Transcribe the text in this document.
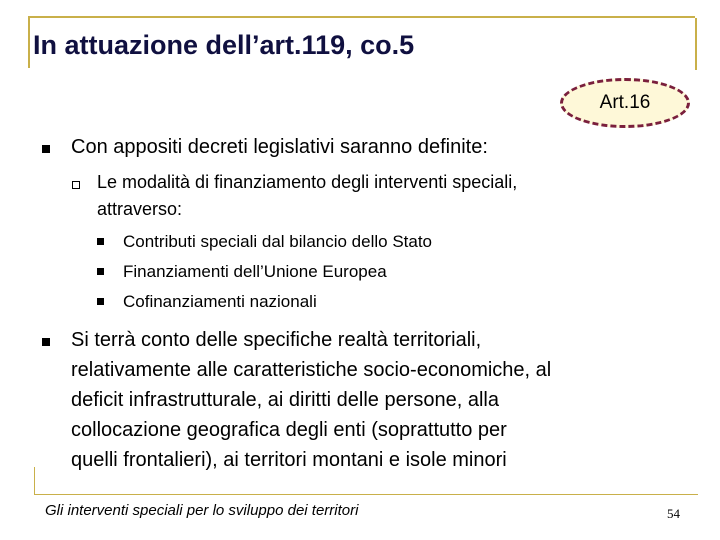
In attuazione dell’art.119, co.5
Art.16
Con appositi decreti legislativi saranno definite:
Le modalità di finanziamento degli interventi speciali,
attraverso:
Contributi speciali dal bilancio dello Stato
Finanziamenti dell’Unione Europea
Cofinanziamenti nazionali
Si terrà conto delle specifiche realtà territoriali,
relativamente alle caratteristiche socio-economiche, al
deficit infrastrutturale, ai diritti delle persone, alla
collocazione geografica degli enti (soprattutto per
quelli frontalieri), ai territori montani e isole minori
Gli interventi speciali per lo sviluppo dei territori	54
